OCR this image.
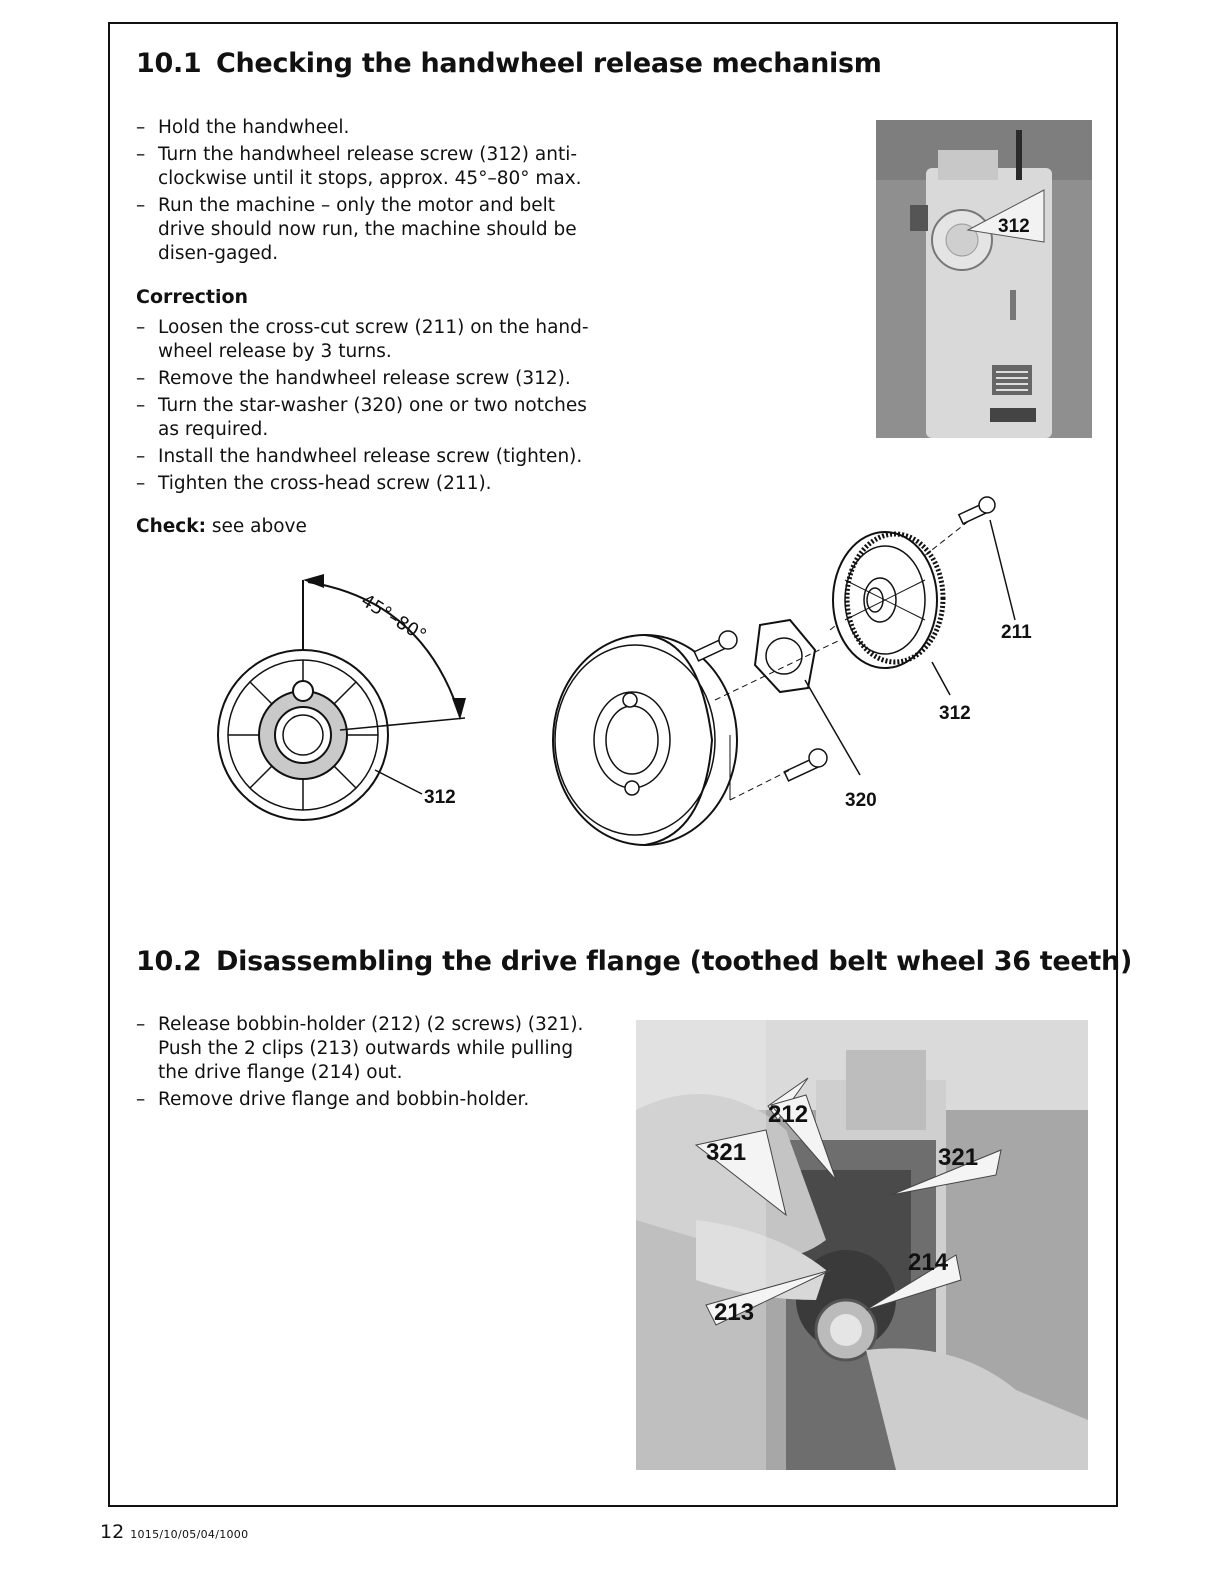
10.1 Checking the handwheel release mechanism
– Hold the handwheel.
– Turn the handwheel release screw (312) anti-clockwise until it stops, approx. 45°–80° max.
– Run the machine – only the motor and belt drive should now run, the machine should be disen-gaged.
Correction
– Loosen the cross-cut screw (211) on the hand-wheel release by 3 turns.
– Remove the handwheel release screw (312).
– Turn the star-washer (320) one or two notches as required.
– Install the handwheel release screw (tighten).
– Tighten the cross-head screw (211).
Check: see above
312
45°–80°
312
211
312
320
10.2 Disassembling the drive flange (toothed belt wheel 36 teeth)
– Release bobbin-holder (212) (2 screws) (321). Push the 2 clips (213) outwards while pulling the drive flange (214) out.
– Remove drive flange and bobbin-holder.
212
321	321
214
213
12 1015/10/05/04/1000
